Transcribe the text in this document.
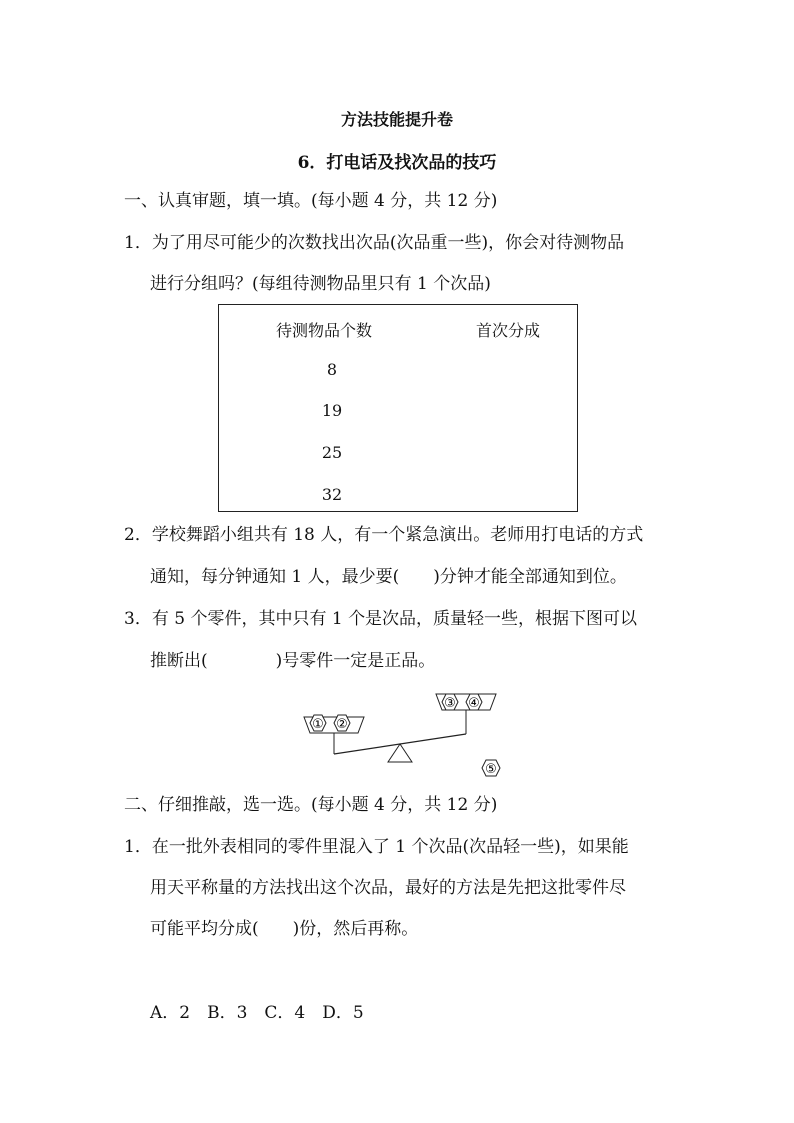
方法技能提升卷
6．打电话及找次品的技巧
一、认真审题，填一填。(每小题 4 分，共 12 分)
1．为了用尽可能少的次数找出次品(次品重一些)，你会对待测物品
进行分组吗？(每组待测物品里只有 1 个次品)
待测物品个数	首次分成
8
19
25
32
2．学校舞蹈小组共有 18 人，有一个紧急演出。老师用打电话的方式
通知，每分钟通知 1 人，最少要(　　)分钟才能全部通知到位。
3．有 5 个零件，其中只有 1 个是次品，质量轻一些，根据下图可以
推断出(　　　　)号零件一定是正品。
① ②
③ ④
⑤
二、仔细推敲，选一选。(每小题 4 分，共 12 分)
1．在一批外表相同的零件里混入了 1 个次品(次品轻一些)，如果能
用天平称量的方法找出这个次品，最好的方法是先把这批零件尽
可能平均分成(　　)份，然后再称。
A．2　B．3　C．4　D．5
